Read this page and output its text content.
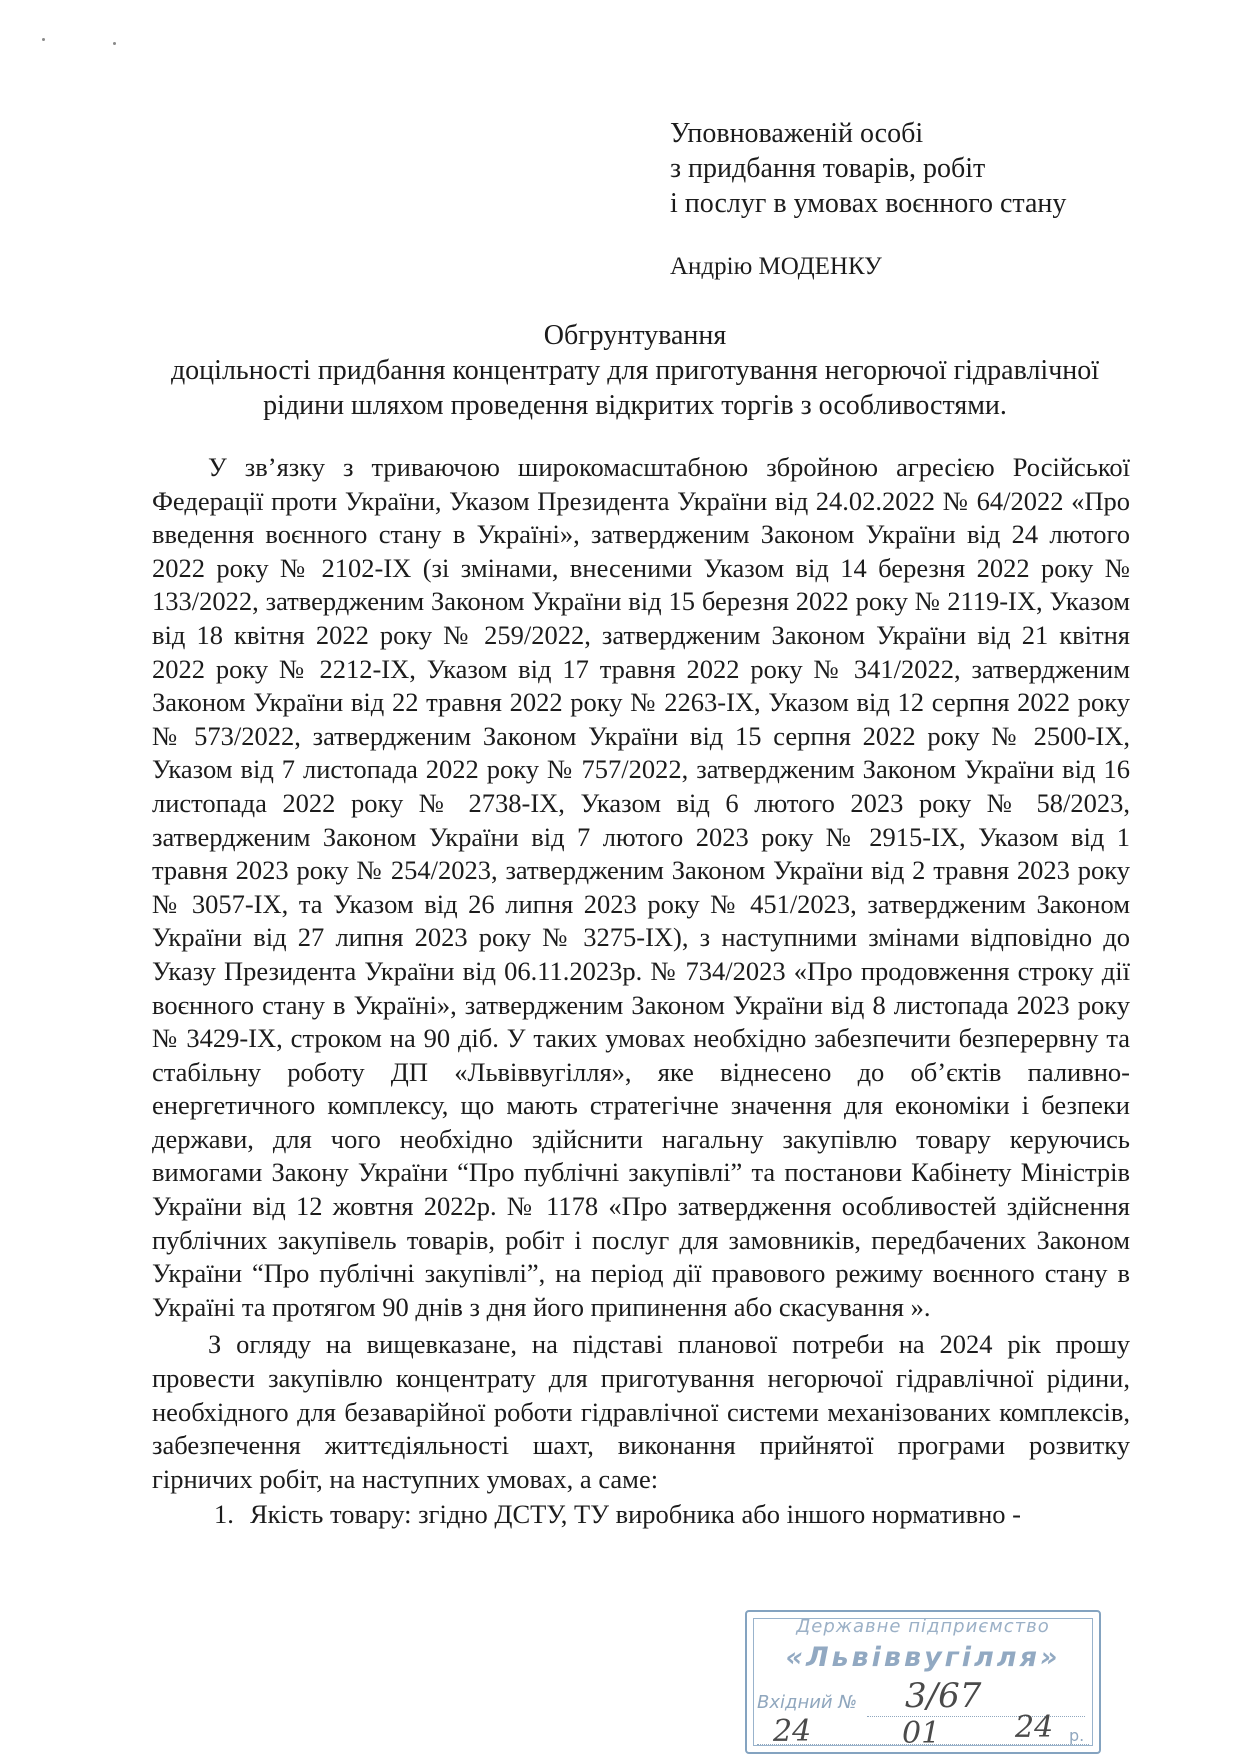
Уповноваженій особі
з придбання товарів, робіт
і послуг в умовах воєнного стану
Андрію МОДЕНКУ
Обгрунтування
доцільності придбання концентрату для приготування негорючої гідравлічної
рідини шляхом проведення відкритих торгів з особливостями.

У зв’язку з триваючою широкомасштабною збройною агресією Російської Федерації проти України, Указом Президента України від 24.02.2022 № 64/2022 «Про введення воєнного стану в Україні», затвердженим Законом України від 24 лютого 2022 року № 2102-IX (зі змінами, внесеними Указом від 14 березня 2022 року № 133/2022, затвердженим Законом України від 15 березня 2022 року № 2119-IX, Указом від 18 квітня 2022 року № 259/2022, затвердженим Законом України від 21 квітня 2022 року № 2212-IX, Указом від 17 травня 2022 року № 341/2022, затвердженим Законом України від 22 травня 2022 року № 2263-IX, Указом від 12 серпня 2022 року № 573/2022, затвердженим Законом України від 15 серпня 2022 року № 2500-IX, Указом від 7 листопада 2022 року № 757/2022, затвердженим Законом України від 16 листопада 2022 року № 2738-IX, Указом від 6 лютого 2023 року № 58/2023, затвердженим Законом України від 7 лютого 2023 року № 2915-IX, Указом від 1 травня 2023 року № 254/2023, затвердженим Законом України від 2 травня 2023 року № 3057-IX, та Указом від 26 липня 2023 року № 451/2023, затвердженим Законом України від 27 липня 2023 року № 3275-IX), з наступними змінами відповідно до Указу Президента України від 06.11.2023р. № 734/2023 «Про продовження строку дії воєнного стану в Україні», затвердженим Законом України від 8 листопада 2023 року № 3429-IX, строком на 90 діб. У таких умовах необхідно забезпечити безперервну та стабільну роботу ДП «Львіввугілля», яке віднесено до об’єктів паливно-енергетичного комплексу, що мають стратегічне значення для економіки і безпеки держави, для чого необхідно здійснити нагальну закупівлю товару керуючись вимогами Закону України “Про публічні закупівлі” та постанови Кабінету Міністрів України від 12 жовтня 2022р. № 1178 «Про затвердження особливостей здійснення публічних закупівель товарів, робіт і послуг для замовників, передбачених Законом України “Про публічні закупівлі”, на період дії правового режиму воєнного стану в Україні та протягом 90 днів з дня його припинення або скасування ».

З огляду на вищевказане, на підставі планової потреби на 2024 рік прошу провести закупівлю концентрату для приготування негорючої гідравлічної рідини, необхідного для безаварійної роботи гідравлічної системи механізованих комплексів, забезпечення життєдіяльності шахт, виконання прийнятої програми розвитку гірничих робіт, на наступних умовах, а саме:

1. Якість товару: згідно ДСТУ, ТУ виробника або іншого нормативно -

Державне підприємство
«Львіввугілля»
Вхідний № 3/67
24	01 24 р.
